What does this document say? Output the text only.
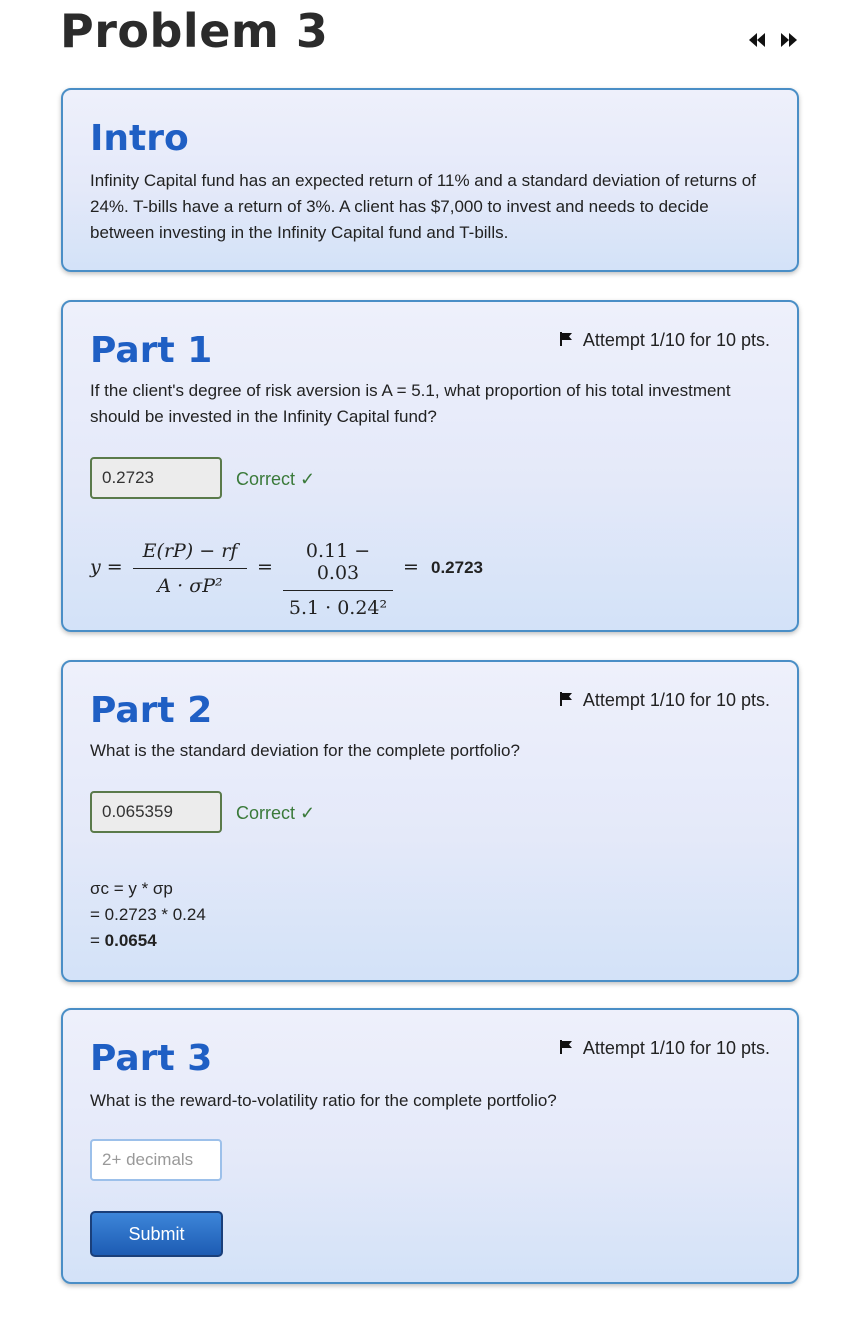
Problem 3
Intro
Infinity Capital fund has an expected return of 11% and a standard deviation of returns of 24%. T-bills have a return of 3%. A client has $7,000 to invest and needs to decide between investing in the Infinity Capital fund and T-bills.
Part 1	Attempt 1/10 for 10 pts.
If the client's degree of risk aversion is A = 5.1, what proportion of his total investment should be invested in the Infinity Capital fund?
0.2723	Correct ✓
y =
E(rP) − rf
A · σP²
=
0.11 − 0.03
5.1 · 0.24²
= 0.2723
Part 2	Attempt 1/10 for 10 pts.
What is the standard deviation for the complete portfolio?
0.065359	Correct ✓
σc = y * σp
= 0.2723 * 0.24
= 0.0654
Part 3	Attempt 1/10 for 10 pts.
What is the reward-to-volatility ratio for the complete portfolio?
2+ decimals
Submit
